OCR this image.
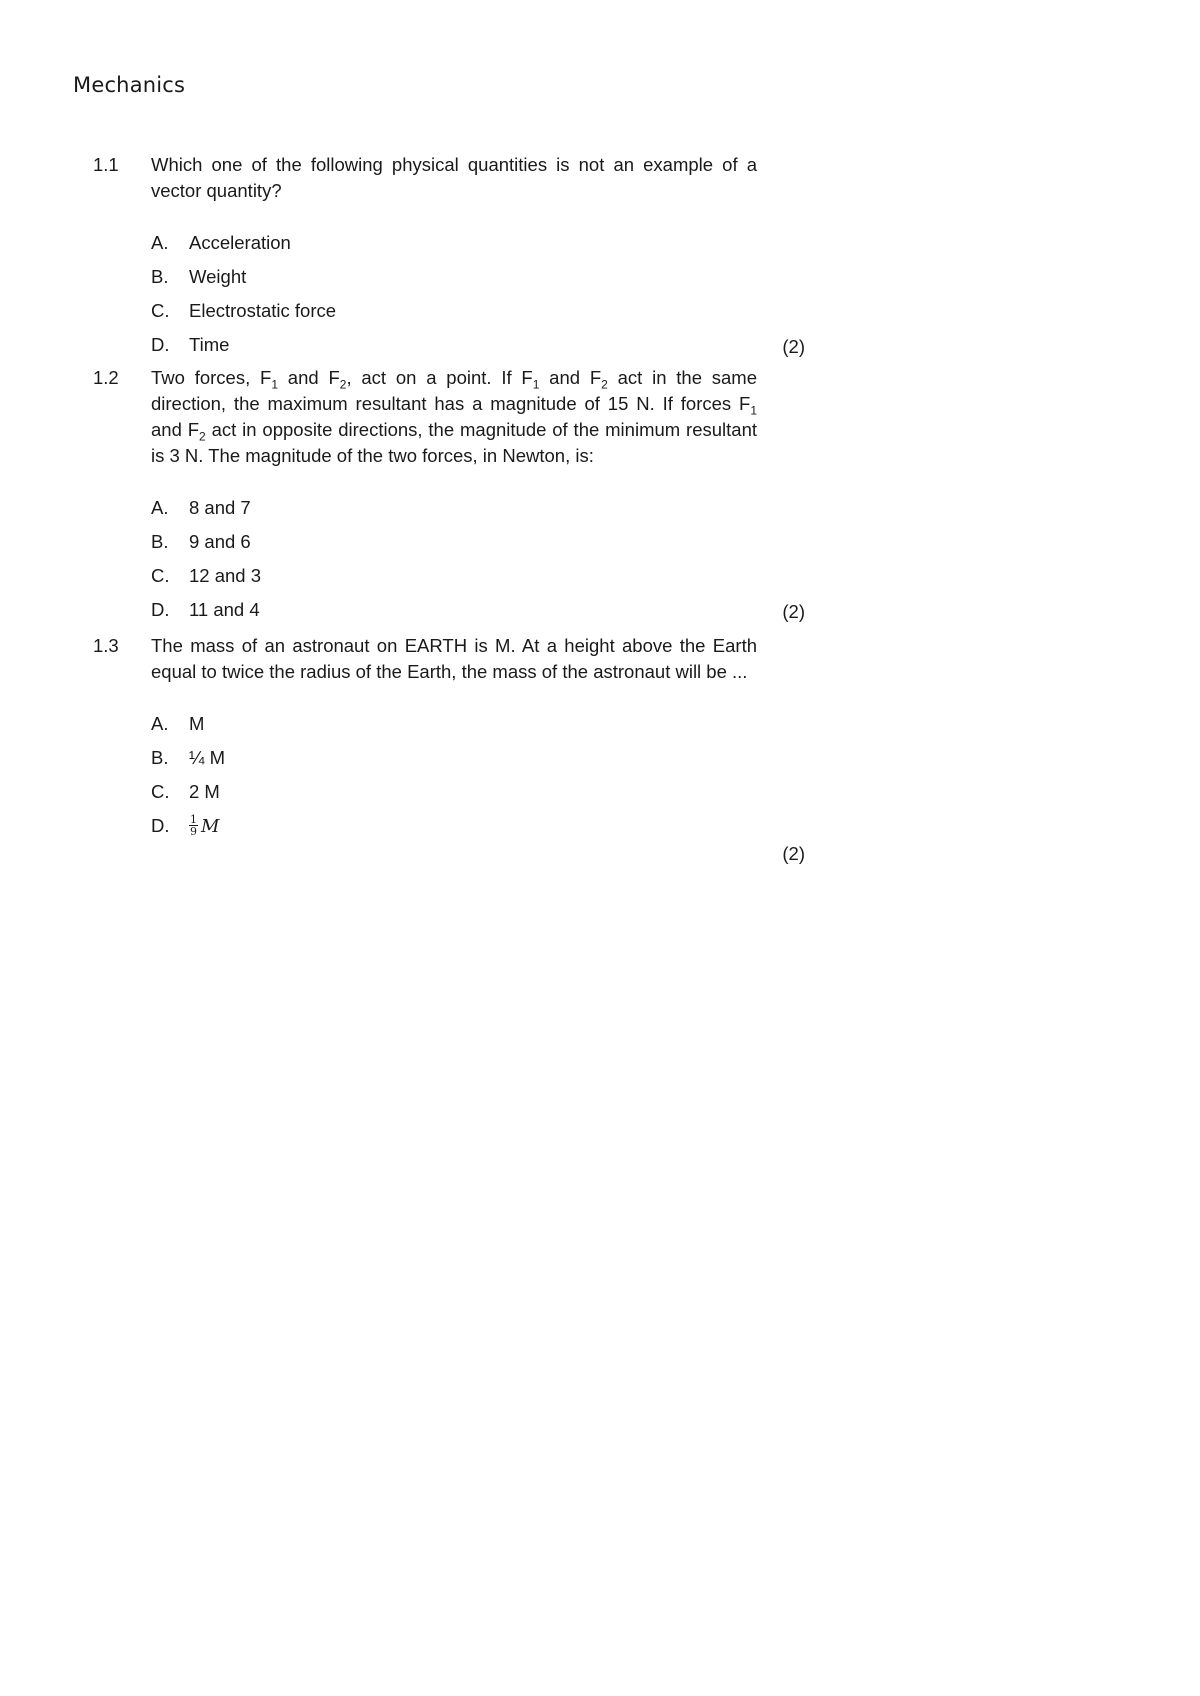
Mechanics
1.1 Which one of the following physical quantities is not an example of a vector quantity?
A. Acceleration
B. Weight
C. Electrostatic force
D. Time	(2)
1.2 Two forces, $F_1$ and $F_2$, act on a point. If $F_1$ and $F_2$ act in the same direction, the maximum resultant has a magnitude of 15 N. If forces $F_1$ and $F_2$ act in opposite directions, the magnitude of the minimum resultant is 3 N. The magnitude of the two forces, in Newton, is:
A. 8 and 7
B. 9 and 6
C. 12 and 3
D. 11 and 4	(2)
1.3 The mass of an astronaut on EARTH is M. At a height above the Earth equal to twice the radius of the Earth, the mass of the astronaut will be ...
A. M
B. ¼ M
C. 2 M
D. $\frac{1}{9}$ M
(2)
